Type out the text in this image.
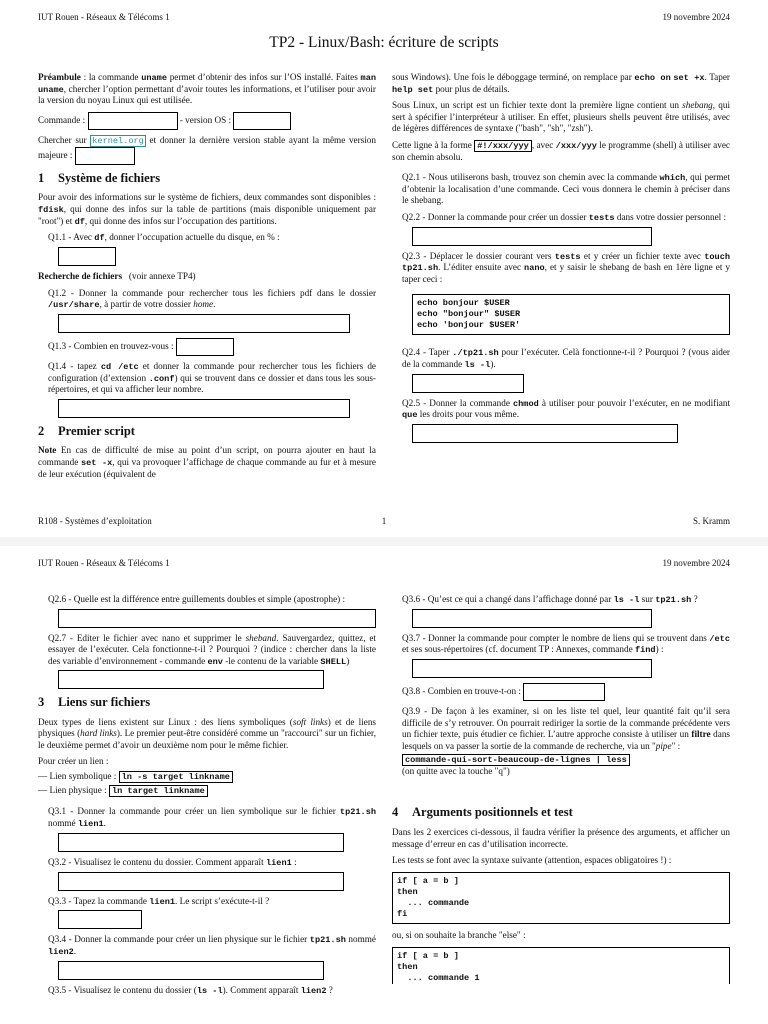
IUT Rouen - Réseaux & Télécoms 1	19 novembre 2024
TP2 - Linux/Bash: écriture de scripts

Préambule : la commande uname permet d’obtenir des infos sur l’OS installé. Faites man uname, chercher l’option permettant d’avoir toutes les informations, et l’utiliser pour avoir la version du noyau Linux qui est utilisée.

Commande :	- version OS :

Chercher sur kernel.org et donner la dernière version stable ayant la même version majeure :

1 Système de fichiers

Pour avoir des informations sur le système de fichiers, deux commandes sont disponibles : fdisk, qui donne des infos sur la table de partitions (mais disponible uniquement par "root") et df, qui donne des infos sur l’occupation des partitions.

Q1.1 - Avec df, donner l’occupation actuelle du disque, en % :

Recherche de fichiers (voir annexe TP4)

Q1.2 - Donner la commande pour rechercher tous les fichiers pdf dans le dossier /usr/share, à partir de votre dossier home.
Q1.3 - Combien en trouvez-vous :
Q1.4 - tapez cd /etc et donner la commande pour rechercher tous les fichiers de configuration (d’extension .conf) qui se trouvent dans ce dossier et dans tous les sous-répertoires, et qui va afficher leur nombre.
2 Premier script

Note En cas de difficulté de mise au point d’un script, on pourra ajouter en haut la commande set -x, qui va provoquer l’affichage de chaque commande au fur et à mesure de leur exécution (équivalent de

sous Windows). Une fois le déboggage terminé, on remplace par echo on set +x. Taper help set pour plus de détails.

Sous Linux, un script est un fichier texte dont la première ligne contient un shebang, qui sert à spécifier l’interpréteur à utiliser. En effet, plusieurs shells peuvent être utilisés, avec de légères différences de syntaxe ("bash", "sh", "zsh").

Cette ligne à la forme #!/xxx/yyy , avec /xxx/yyy le programme (shell) à utiliser avec son chemin absolu.

Q2.1 - Nous utiliserons bash, trouvez son chemin avec la commande which, qui permet d’obtenir la localisation d’une commande. Ceci vous donnera le chemin à préciser dans le shebang.
Q2.2 - Donner la commande pour créer un dossier tests dans votre dossier personnel :
Q2.3 - Déplacer le dossier courant vers tests et y créer un fichier texte avec touch tp21.sh. L’éditer ensuite avec nano, et y saisir le shebang de bash en 1ère ligne et y taper ceci :
echo bonjour $USER
echo "bonjour" $USER
echo 'bonjour $USER'
Q2.4 - Taper ./tp21.sh pour l’exécuter. Celà fonctionne-t-il ? Pourquoi ? (vous aider de la commande ls -l).
Q2.5 - Donner la commande chmod à utiliser pour pouvoir l’exécuter, en ne modifiant que les droits pour vous même.
R108 - Systèmes d’exploitation	1	S. Kramm
IUT Rouen - Réseaux & Télécoms 1	19 novembre 2024
Q2.6 - Quelle est la différence entre guillements doubles et simple (apostrophe) :
Q2.7 - Editer le fichier avec nano et supprimer le sheband. Sauvergardez, quittez, et essayer de l’exécuter. Cela fonctionne-t-il ? Pourquoi ? (indice : chercher dans la liste des variable d’environnement - commande env -le contenu de la variable SHELL)
3 Liens sur fichiers

Deux types de liens existent sur Linux : des liens symboliques (soft links) et de liens physiques (hard links). Le premier peut-être considéré comme un "raccourci" sur un fichier, le deuxième permet d’avoir un deuxième nom pour le même fichier.

Pour créer un lien :

— Lien symbolique : ln -s target linkname
— Lien physique : ln target linkname
Q3.1 - Donner la commande pour créer un lien symbolique sur le fichier tp21.sh nommé lien1.
Q3.2 - Visualisez le contenu du dossier. Comment apparaît lien1 :
Q3.3 - Tapez la commande lien1. Le script s’exécute-t-il ?
Q3.4 - Donner la commande pour créer un lien physique sur le fichier tp21.sh nommé lien2.
Q3.5 - Visualisez le contenu du dossier (ls -l). Comment apparaît lien2 ?
Q3.6 - Qu’est ce qui a changé dans l’affichage donné par ls -l sur tp21.sh ?
Q3.7 - Donner la commande pour compter le nombre de liens qui se trouvent dans /etc et ses sous-répertoires (cf. document TP : Annexes, commande find) :
Q3.8 - Combien en trouve-t-on :
Q3.9 - De façon à les examiner, si on les liste tel quel, leur quantité fait qu’il sera difficile de s’y retrouver. On pourrait rediriger la sortie de la commande précédente vers un fichier texte, puis étudier ce fichier. L’autre approche consiste à utiliser un filtre dans lesquels on va passer la sortie de la commande de recherche, via un "pipe" :
commande-qui-sort-beaucoup-de-lignes | less
(on quitte avec la touche "q")
4 Arguments positionnels et test

Dans les 2 exercices ci-dessous, il faudra vérifier la présence des arguments, et afficher un message d’erreur en cas d’utilisation incorrecte.

Les tests se font avec la syntaxe suivante (attention, espaces obligatoires !) :

if [ a = b ]
then
... commande
fi

ou, si on souhaite la branche "else" :

if [ a = b ]
then
... commande 1
